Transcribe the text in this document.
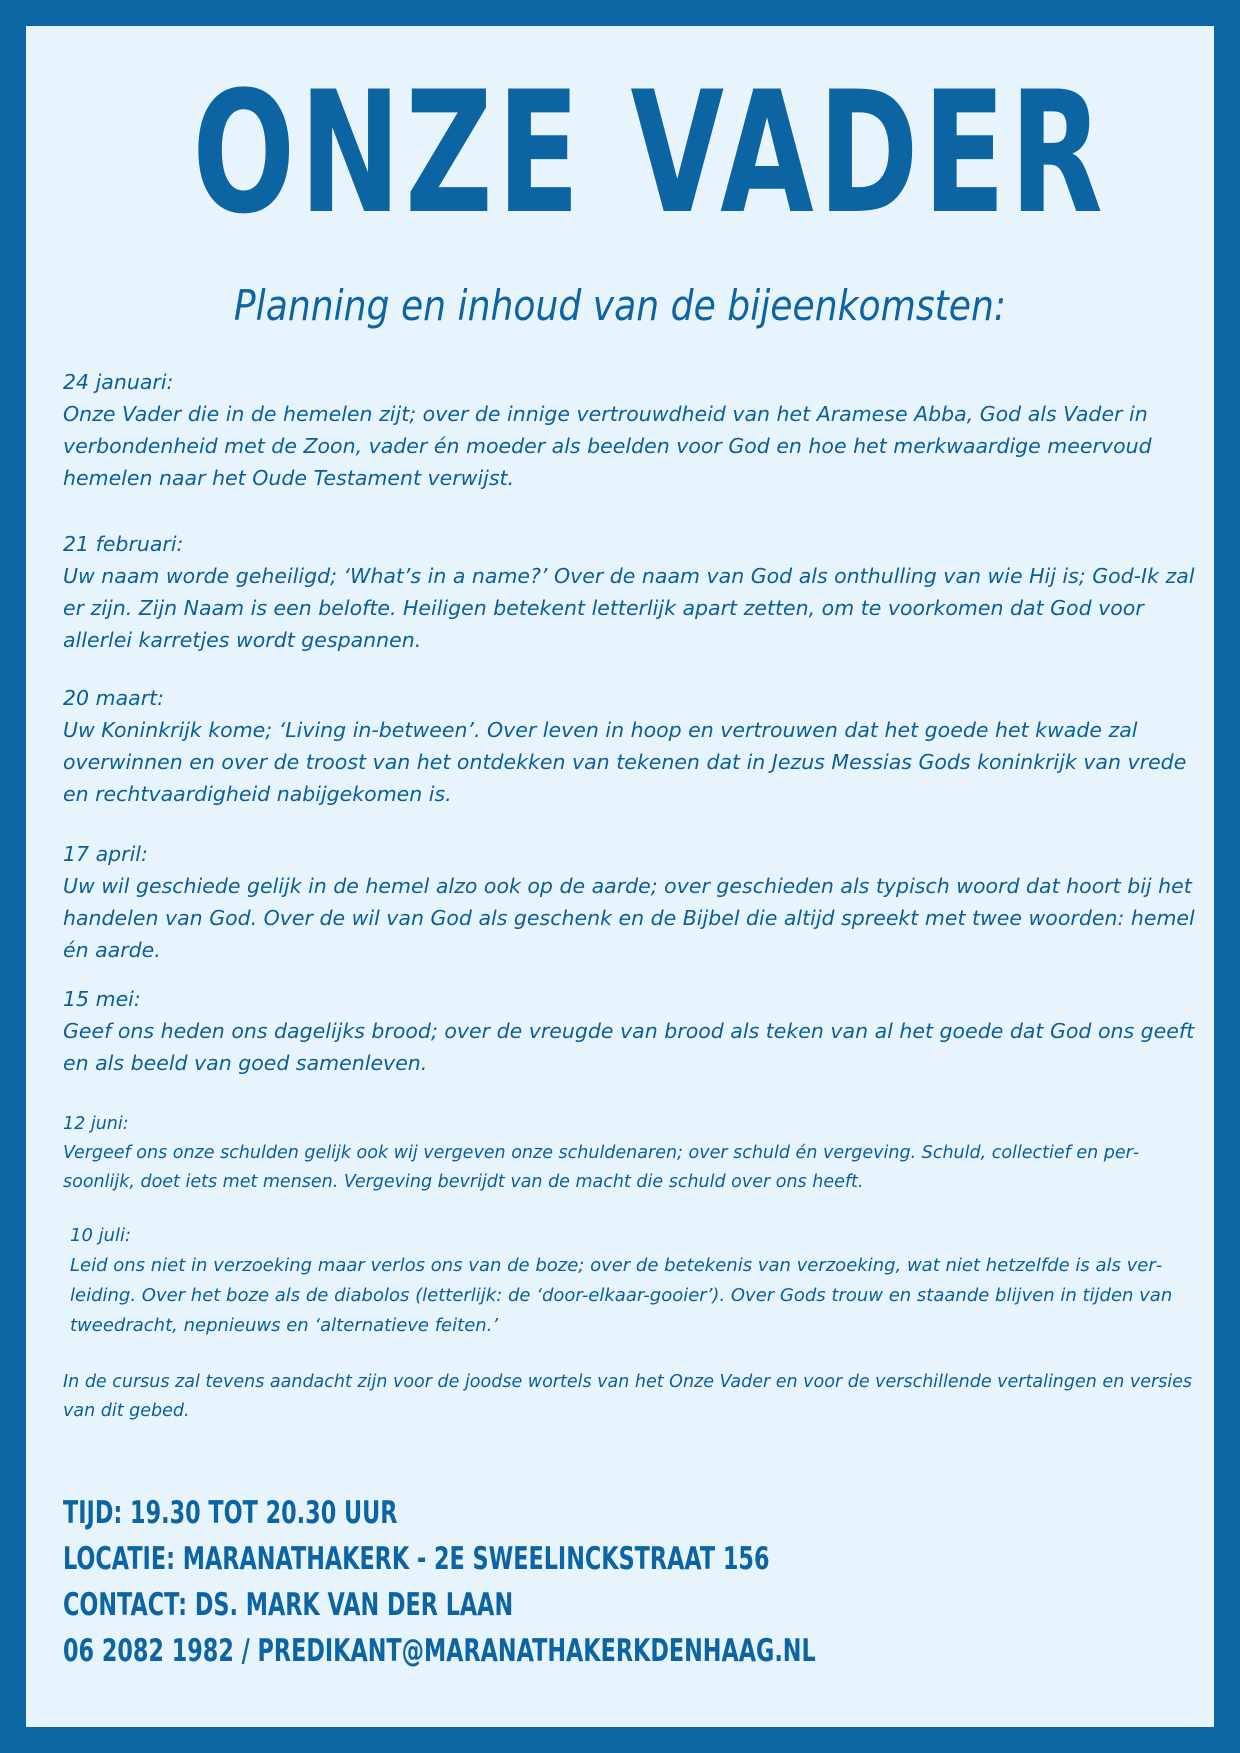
ONZE VADER
Planning en inhoud van de bijeenkomsten:
24 januari:
Onze Vader die in de hemelen zijt; over de innige vertrouwdheid van het Aramese Abba, God als Vader in verbondenheid met de Zoon, vader én moeder als beelden voor God en hoe het merkwaardige meervoud hemelen naar het Oude Testament verwijst.
21 februari:
Uw naam worde geheiligd; ‘What’s in a name?’ Over de naam van God als onthulling van wie Hij is; God-Ik zal er zijn. Zijn Naam is een belofte. Heiligen betekent letterlijk apart zetten, om te voorkomen dat God voor allerlei karretjes wordt gespannen.
20 maart:
Uw Koninkrijk kome; ‘Living in-between’. Over leven in hoop en vertrouwen dat het goede het kwade zal overwinnen en over de troost van het ontdekken van tekenen dat in Jezus Messias Gods koninkrijk van vrede en rechtvaardigheid nabijgekomen is.
17 april:
Uw wil geschiede gelijk in de hemel alzo ook op de aarde; over geschieden als typisch woord dat hoort bij het handelen van God. Over de wil van God als geschenk en de Bijbel die altijd spreekt met twee woorden: hemel én aarde.
15 mei:
Geef ons heden ons dagelijks brood; over de vreugde van brood als teken van al het goede dat God ons geeft en als beeld van goed samenleven.
12 juni:
Vergeef ons onze schulden gelijk ook wij vergeven onze schuldenaren; over schuld én vergeving. Schuld, collectief en persoonlijk, doet iets met mensen. Vergeving bevrijdt van de macht die schuld over ons heeft.
10 juli:
Leid ons niet in verzoeking maar verlos ons van de boze; over de betekenis van verzoeking, wat niet hetzelfde is als verleiding. Over het boze als de diabolos (letterlijk: de ‘door-elkaar-gooier’). Over Gods trouw en staande blijven in tijden van tweedracht, nepnieuws en ‘alternatieve feiten.’

In de cursus zal tevens aandacht zijn voor de joodse wortels van het Onze Vader en voor de verschillende vertalingen en versies van dit gebed.

TIJD: 19.30 TOT 20.30 UUR
LOCATIE: MARANATHAKERK - 2E SWEELINCKSTRAAT 156
CONTACT: DS. MARK VAN DER LAAN
06 2082 1982 / PREDIKANT@MARANATHAKERKDENHAAG.NL
